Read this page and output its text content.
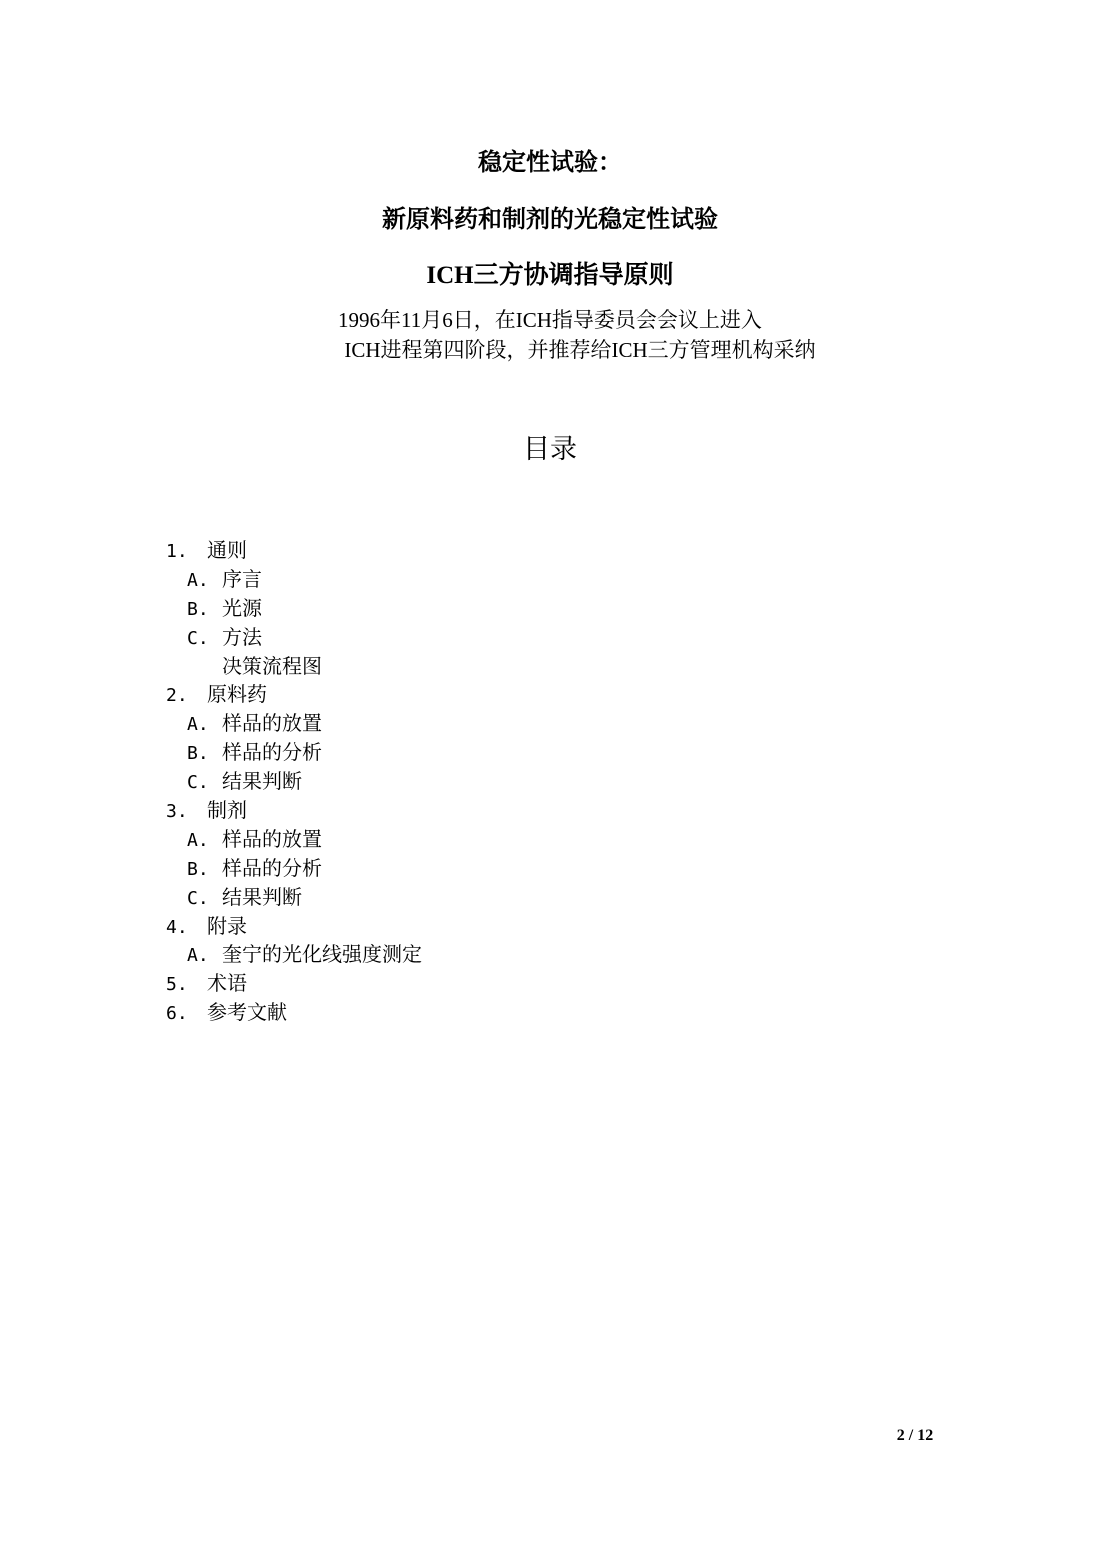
稳定性试验：
新原料药和制剂的光稳定性试验
ICH三方协调指导原则
1996年11月6日，在ICH指导委员会会议上进入
ICH进程第四阶段，并推荐给ICH三方管理机构采纳
目录
1. 通则
A. 序言
B. 光源
C. 方法
决策流程图
2. 原料药
A. 样品的放置
B. 样品的分析
C. 结果判断
3. 制剂
A. 样品的放置
B. 样品的分析
C. 结果判断
4. 附录
A. 奎宁的光化线强度测定
5. 术语
6. 参考文献
2 / 12
